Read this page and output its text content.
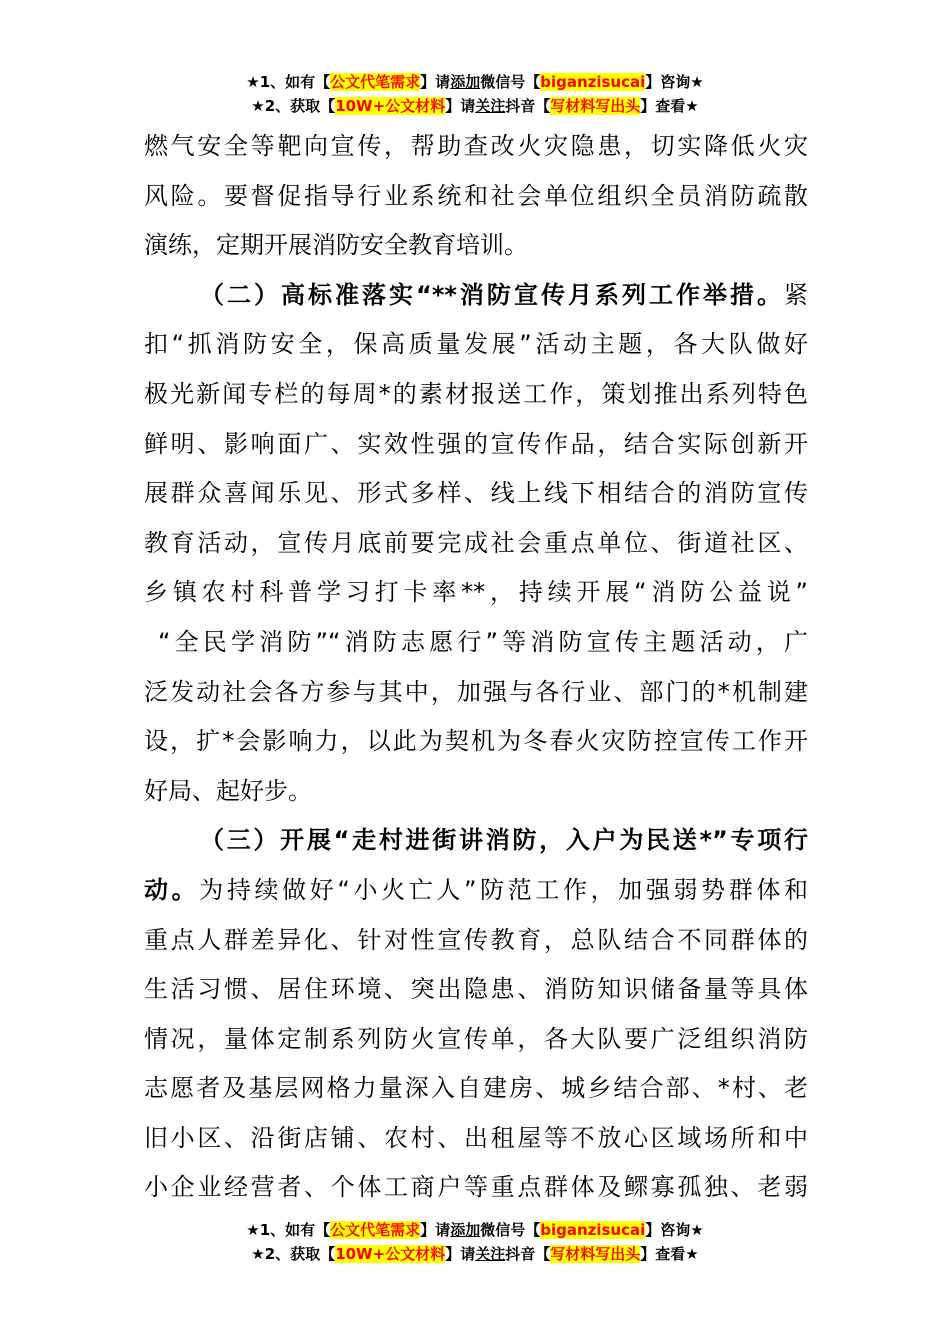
★1、如有【公文代笔需求】请添加微信号【biganzisucai】咨询★
★2、获取【10W+公文材料】请关注抖音【写材料写出头】查看★
燃气安全等靶向宣传，帮助查改火灾隐患，切实降低火灾
风险。要督促指导行业系统和社会单位组织全员消防疏散
演练，定期开展消防安全教育培训。
（二）高标准落实“**消防宣传月系列工作举措。紧
扣“抓消防安全，保高质量发展”活动主题，各大队做好
极光新闻专栏的每周*的素材报送工作，策划推出系列特色
鲜明、影响面广、实效性强的宣传作品，结合实际创新开
展群众喜闻乐见、形式多样、线上线下相结合的消防宣传
教育活动，宣传月底前要完成社会重点单位、街道社区、
乡镇农村科普学习打卡率**，持续开展“消防公益说”
“全民学消防”“消防志愿行”等消防宣传主题活动，广
泛发动社会各方参与其中，加强与各行业、部门的*机制建
设，扩*会影响力，以此为契机为冬春火灾防控宣传工作开
好局、起好步。
（三）开展“走村进街讲消防，入户为民送*”专项行
动。为持续做好“小火亡人”防范工作，加强弱势群体和
重点人群差异化、针对性宣传教育，总队结合不同群体的
生活习惯、居住环境、突出隐患、消防知识储备量等具体
情况，量体定制系列防火宣传单，各大队要广泛组织消防
志愿者及基层网格力量深入自建房、城乡结合部、*村、老
旧小区、沿街店铺、农村、出租屋等不放心区域场所和中
小企业经营者、个体工商户等重点群体及鳏寡孤独、老弱
★1、如有【公文代笔需求】请添加微信号【biganzisucai】咨询★
★2、获取【10W+公文材料】请关注抖音【写材料写出头】查看★
